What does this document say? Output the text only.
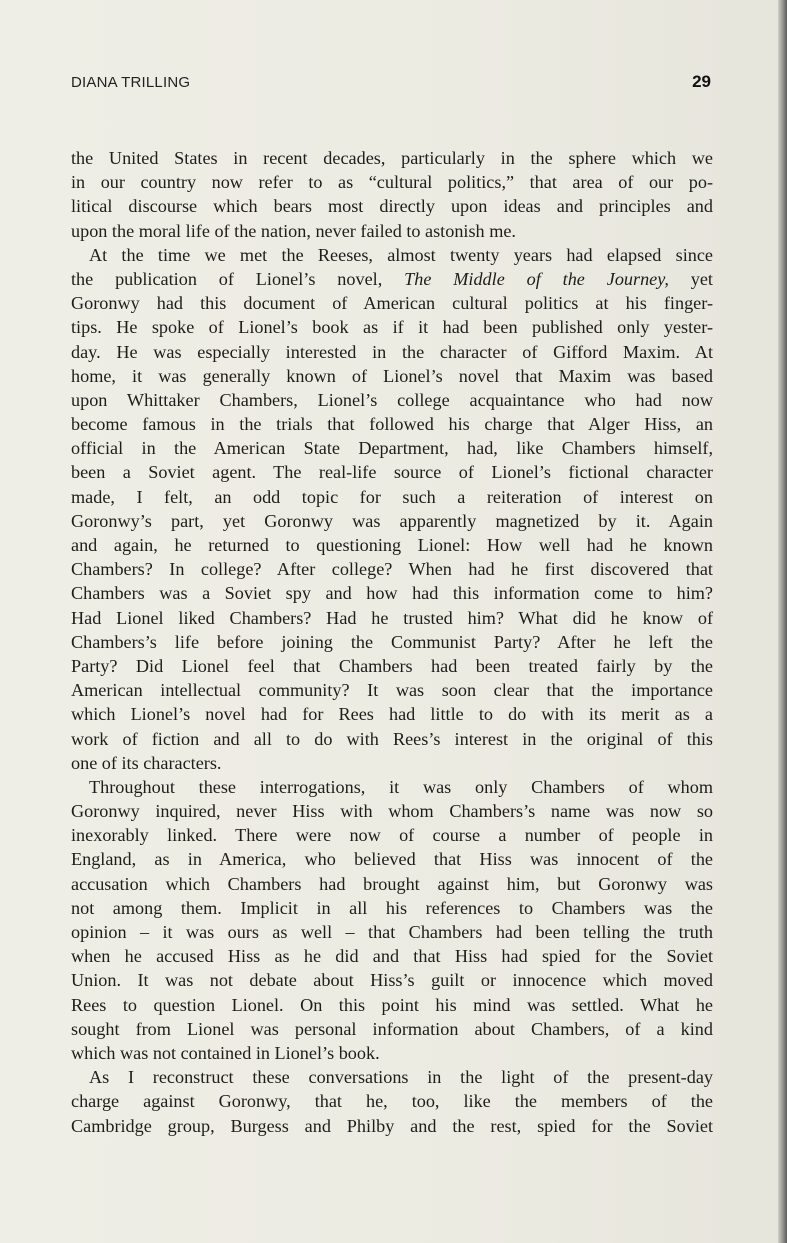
DIANA TRILLING	29
the United States in recent decades, particularly in the sphere which we
in our country now refer to as “cultural politics,” that area of our po-
litical discourse which bears most directly upon ideas and principles and
upon the moral life of the nation, never failed to astonish me.
At the time we met the Reeses, almost twenty years had elapsed since
the publication of Lionel’s novel, The Middle of the Journey, yet
Goronwy had this document of American cultural politics at his finger-
tips. He spoke of Lionel’s book as if it had been published only yester-
day. He was especially interested in the character of Gifford Maxim. At
home, it was generally known of Lionel’s novel that Maxim was based
upon Whittaker Chambers, Lionel’s college acquaintance who had now
become famous in the trials that followed his charge that Alger Hiss, an
official in the American State Department, had, like Chambers himself,
been a Soviet agent. The real-life source of Lionel’s fictional character
made, I felt, an odd topic for such a reiteration of interest on
Goronwy’s part, yet Goronwy was apparently magnetized by it. Again
and again, he returned to questioning Lionel: How well had he known
Chambers? In college? After college? When had he first discovered that
Chambers was a Soviet spy and how had this information come to him?
Had Lionel liked Chambers? Had he trusted him? What did he know of
Chambers’s life before joining the Communist Party? After he left the
Party? Did Lionel feel that Chambers had been treated fairly by the
American intellectual community? It was soon clear that the importance
which Lionel’s novel had for Rees had little to do with its merit as a
work of fiction and all to do with Rees’s interest in the original of this
one of its characters.
Throughout these interrogations, it was only Chambers of whom
Goronwy inquired, never Hiss with whom Chambers’s name was now so
inexorably linked. There were now of course a number of people in
England, as in America, who believed that Hiss was innocent of the
accusation which Chambers had brought against him, but Goronwy was
not among them. Implicit in all his references to Chambers was the
opinion – it was ours as well – that Chambers had been telling the truth
when he accused Hiss as he did and that Hiss had spied for the Soviet
Union. It was not debate about Hiss’s guilt or innocence which moved
Rees to question Lionel. On this point his mind was settled. What he
sought from Lionel was personal information about Chambers, of a kind
which was not contained in Lionel’s book.
As I reconstruct these conversations in the light of the present-day
charge against Goronwy, that he, too, like the members of the
Cambridge group, Burgess and Philby and the rest, spied for the Soviet
